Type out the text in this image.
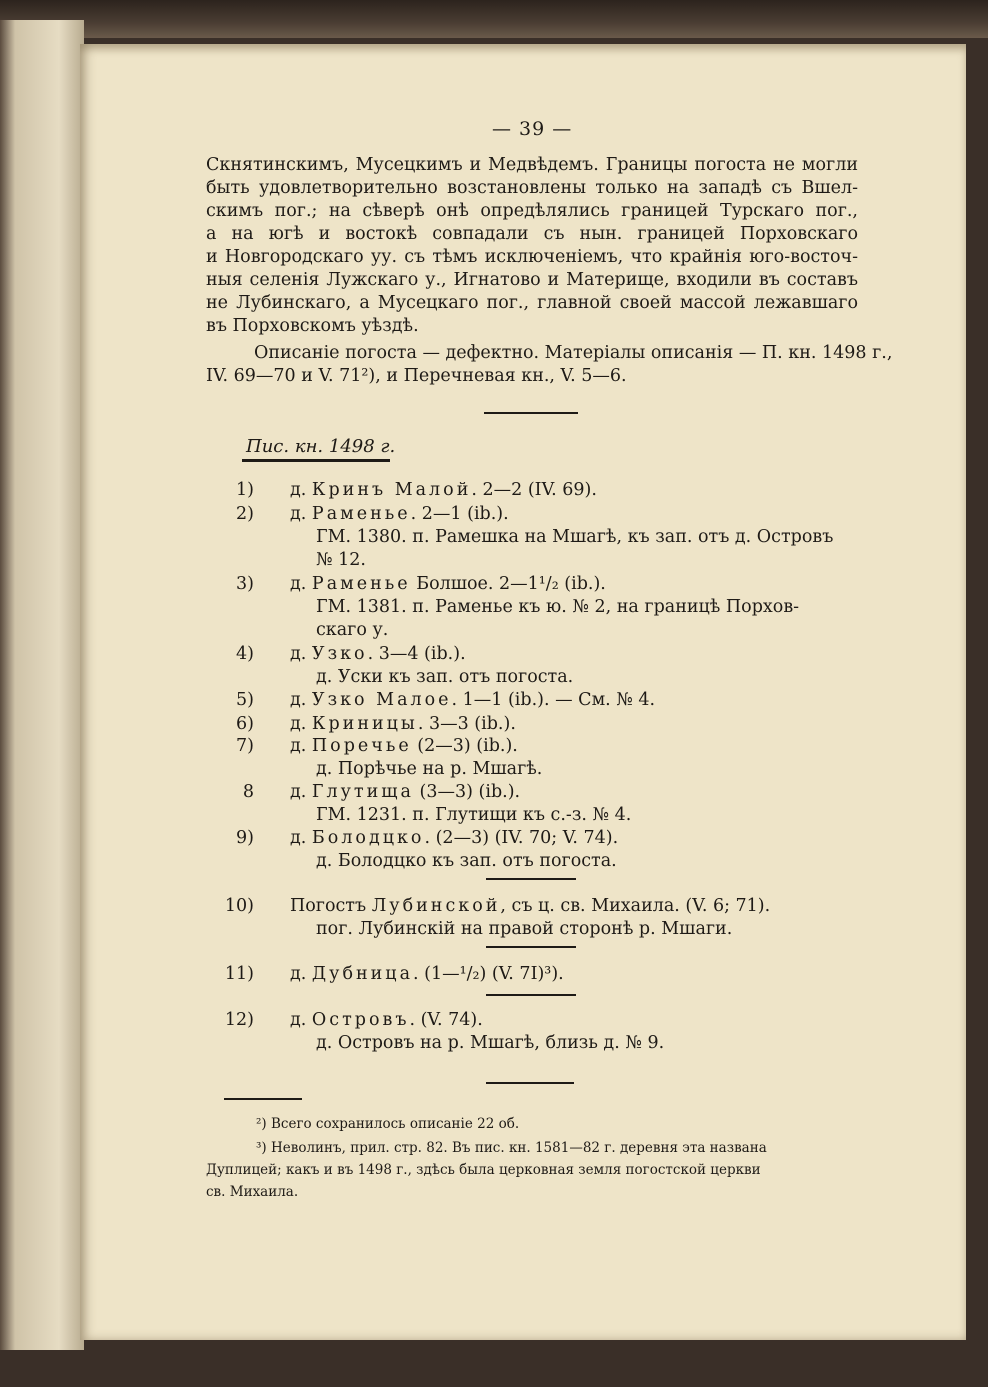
— 39 —
Скнятинскимъ, Мусецкимъ и Медвѣдемъ. Границы погоста не могли
быть удовлетворительно возстановлены только на западѣ съ Вшел-
скимъ пог.; на сѣверѣ онѣ опредѣлялись границей Турскаго пог.,
а на югѣ и востокѣ совпадали съ нын. границей Порховскаго
и Новгородскаго уу. съ тѣмъ исключеніемъ, что крайнія юго-восточ-
ныя селенія Лужскаго у., Игнатово и Материще, входили въ составъ
не Лубинскаго, а Мусецкаго пог., главной своей массой лежавшаго
въ Порховскомъ уѣздѣ.
Описаніе погоста — дефектно. Матеріалы описанія — П. кн. 1498 г.,
IV. 69—70 и V. 71²), и Перечневая кн., V. 5—6.
Пис. кн. 1498 г.
1) д. Кринъ Малой. 2—2 (IV. 69).
2) д. Раменье. 2—1 (ib.).
ГМ. 1380. п. Рамешка на Мшагѣ, къ зап. отъ д. Островъ
№ 12.
3) д. Раменье Болшое. 2—1¹/₂ (ib.).
ГМ. 1381. п. Раменье къ ю. № 2, на границѣ Порхов-
скаго у.
4) д. Узко. 3—4 (ib.).
д. Уски къ зап. отъ погоста.
5) д. Узко Малое. 1—1 (ib.). — См. № 4.
6) д. Криницы. 3—3 (ib.).
7) д. Поречье (2—3) (ib.).
д. Порѣчье на р. Мшагѣ.
8 д. Глутища (3—3) (ib.).
ГМ. 1231. п. Глутищи къ с.-з. № 4.
9) д. Болодцко. (2—3) (IV. 70; V. 74).
д. Болодцко къ зап. отъ погоста.
10) Погостъ Лубинской, съ ц. св. Михаила. (V. 6; 71).
пог. Лубинскій на правой сторонѣ р. Мшаги.
11) д. Дубница. (1—¹/₂) (V. 7I)³).
12) д. Островъ. (V. 74).
д. Островъ на р. Мшагѣ, близь д. № 9.
²) Всего сохранилось описаніе 22 об.
³) Неволинъ, прил. стр. 82. Въ пис. кн. 1581—82 г. деревня эта названа
Дуплицей; какъ и въ 1498 г., здѣсь была церковная земля погостской церкви
св. Михаила.
